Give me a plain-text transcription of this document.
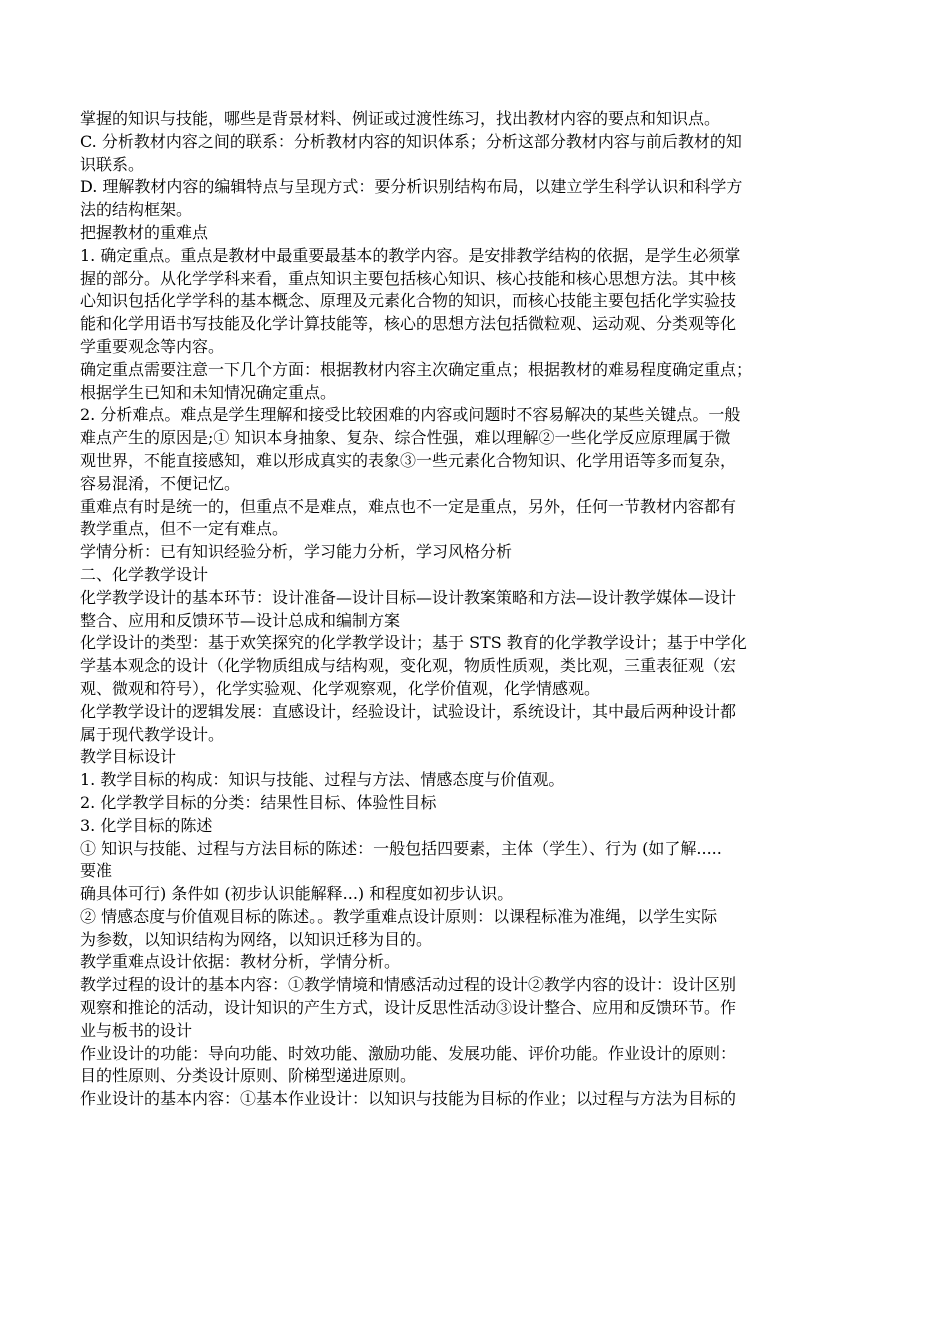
掌握的知识与技能，哪些是背景材料、例证或过渡性练习，找出教材内容的要点和知识点。
C. 分析教材内容之间的联系：分析教材内容的知识体系；分析这部分教材内容与前后教材的知
识联系。
D. 理解教材内容的编辑特点与呈现方式：要分析识别结构布局，以建立学生科学认识和科学方
法的结构框架。
把握教材的重难点
1. 确定重点。重点是教材中最重要最基本的教学内容。是安排教学结构的依据，是学生必须掌
握的部分。从化学学科来看，重点知识主要包括核心知识、核心技能和核心思想方法。其中核
心知识包括化学学科的基本概念、原理及元素化合物的知识，而核心技能主要包括化学实验技
能和化学用语书写技能及化学计算技能等，核心的思想方法包括微粒观、运动观、分类观等化
学重要观念等内容。
确定重点需要注意一下几个方面：根据教材内容主次确定重点；根据教材的难易程度确定重点；
根据学生已知和未知情况确定重点。
2. 分析难点。难点是学生理解和接受比较困难的内容或问题时不容易解决的某些关键点。一般
难点产生的原因是;① 知识本身抽象、复杂、综合性强，难以理解②一些化学反应原理属于微
观世界，不能直接感知，难以形成真实的表象③一些元素化合物知识、化学用语等多而复杂，
容易混淆，不便记忆。
重难点有时是统一的，但重点不是难点，难点也不一定是重点，另外，任何一节教材内容都有
教学重点，但不一定有难点。
学情分析：已有知识经验分析，学习能力分析，学习风格分析
二、化学教学设计
化学教学设计的基本环节：设计准备—设计目标—设计教案策略和方法—设计教学媒体—设计
整合、应用和反馈环节—设计总成和编制方案
化学设计的类型：基于欢笑探究的化学教学设计；基于 STS 教育的化学教学设计；基于中学化
学基本观念的设计（化学物质组成与结构观，变化观，物质性质观，类比观，三重表征观（宏
观、微观和符号），化学实验观、化学观察观，化学价值观，化学情感观。
化学教学设计的逻辑发展：直感设计，经验设计，试验设计，系统设计，其中最后两种设计都
属于现代教学设计。
教学目标设计
1. 教学目标的构成：知识与技能、过程与方法、情感态度与价值观。
2. 化学教学目标的分类：结果性目标、体验性目标
3. 化学目标的陈述
① 知识与技能、过程与方法目标的陈述：一般包括四要素，主体（学生）、行为 (如了解.....
要准
确具体可行) 条件如 (初步认识能解释...) 和程度如初步认识。
② 情感态度与价值观目标的陈述。。教学重难点设计原则：以课程标准为准绳，以学生实际
为参数，以知识结构为网络，以知识迁移为目的。
教学重难点设计依据：教材分析，学情分析。
教学过程的设计的基本内容：①教学情境和情感活动过程的设计②教学内容的设计：设计区别
观察和推论的活动，设计知识的产生方式，设计反思性活动③设计整合、应用和反馈环节。作
业与板书的设计
作业设计的功能：导向功能、时效功能、激励功能、发展功能、评价功能。作业设计的原则：
目的性原则、分类设计原则、阶梯型递进原则。
作业设计的基本内容：①基本作业设计：以知识与技能为目标的作业；以过程与方法为目标的
